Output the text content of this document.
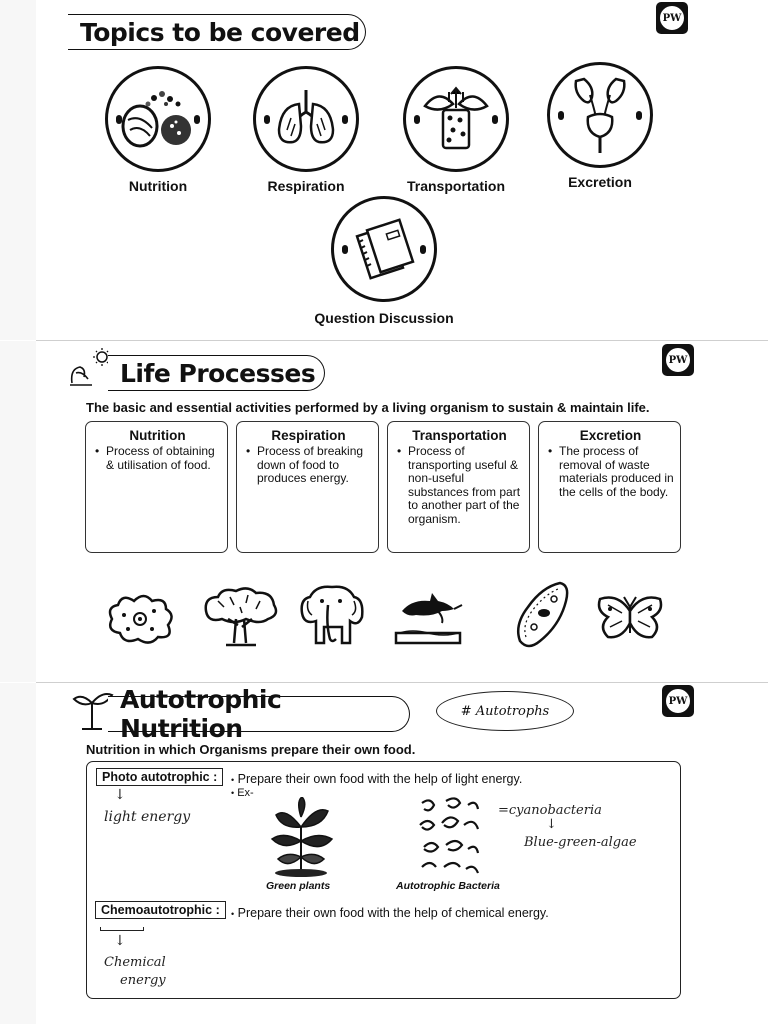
Topics to be covered	PW
Nutrition	Respiration	Transportation	Excretion
Question Discussion
Life Processes	PW
The basic and essential activities performed by a living organism to sustain & maintain life.
Nutrition

• Process of obtaining & utilisation of food.

Respiration

• Process of breaking down of food to produces energy.

Transportation

• Process of transporting useful & non-useful substances from part to another part of the organism.

Excretion

• The process of removal of waste materials produced in the cells of the body.

Autotrophic Nutrition
# Autotrophs
PW
Nutrition in which Organisms prepare their own food.
Photo autotrophic :	• Prepare their own food with the help of light energy.
• Ex-
↓
light energy
Green plants	Autotrophic Bacteria
=cyanobacteria
↓
Blue-green-algae
Chemoautotrophic :	• Prepare their own food with the help of chemical energy.
↓
Chemical
energy
